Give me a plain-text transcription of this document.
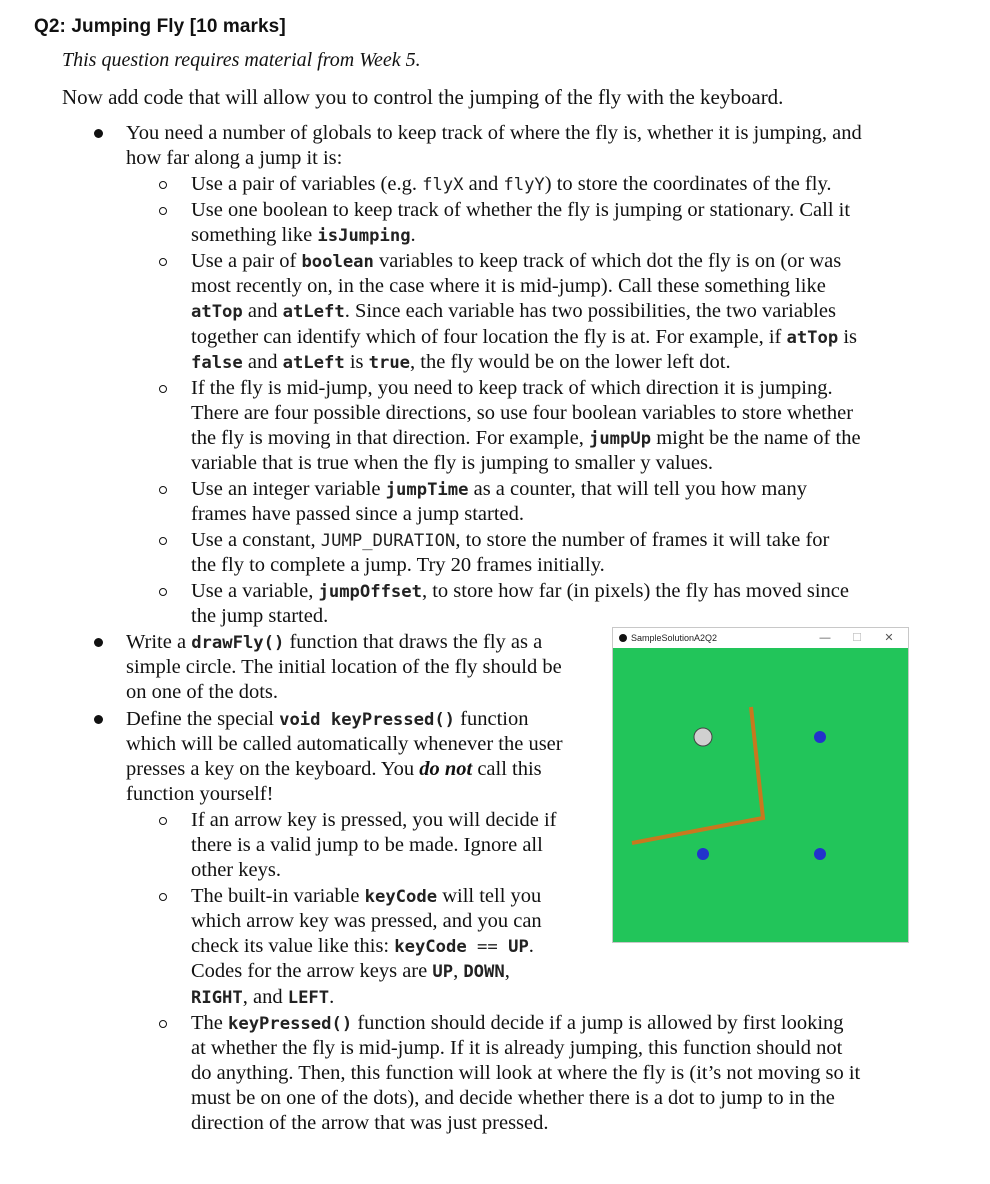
Q2: Jumping Fly [10 marks]
This question requires material from Week 5.
Now add code that will allow you to control the jumping of the fly with the keyboard.
You need a number of globals to keep track of where the fly is, whether it is jumping, and
how far along a jump it is:
Use a pair of variables (e.g. flyX and flyY) to store the coordinates of the fly.
Use one boolean to keep track of whether the fly is jumping or stationary. Call it
something like isJumping.
Use a pair of boolean variables to keep track of which dot the fly is on (or was
most recently on, in the case where it is mid-jump). Call these something like
atTop and atLeft. Since each variable has two possibilities, the two variables
together can identify which of four location the fly is at. For example, if atTop is
false and atLeft is true, the fly would be on the lower left dot.
If the fly is mid-jump, you need to keep track of which direction it is jumping.
There are four possible directions, so use four boolean variables to store whether
the fly is moving in that direction. For example, jumpUp might be the name of the
variable that is true when the fly is jumping to smaller y values.
Use an integer variable jumpTime as a counter, that will tell you how many
frames have passed since a jump started.
Use a constant, JUMP_DURATION, to store the number of frames it will take for
the fly to complete a jump. Try 20 frames initially.
Use a variable, jumpOffset, to store how far (in pixels) the fly has moved since
the jump started.
Write a drawFly() function that draws the fly as a
simple circle. The initial location of the fly should be
on one of the dots.
Define the special void keyPressed() function
which will be called automatically whenever the user
presses a key on the keyboard. You do not call this
function yourself!
If an arrow key is pressed, you will decide if
there is a valid jump to be made. Ignore all
other keys.
The built-in variable keyCode will tell you
which arrow key was pressed, and you can
check its value like this: keyCode == UP.
Codes for the arrow keys are UP, DOWN,
RIGHT, and LEFT.
The keyPressed() function should decide if a jump is allowed by first looking
at whether the fly is mid-jump. If it is already jumping, this function should not
do anything. Then, this function will look at where the fly is (it’s not moving so it
must be on one of the dots), and decide whether there is a dot to jump to in the
direction of the arrow that was just pressed.
SampleSolutionA2Q2	—	☐	✕
